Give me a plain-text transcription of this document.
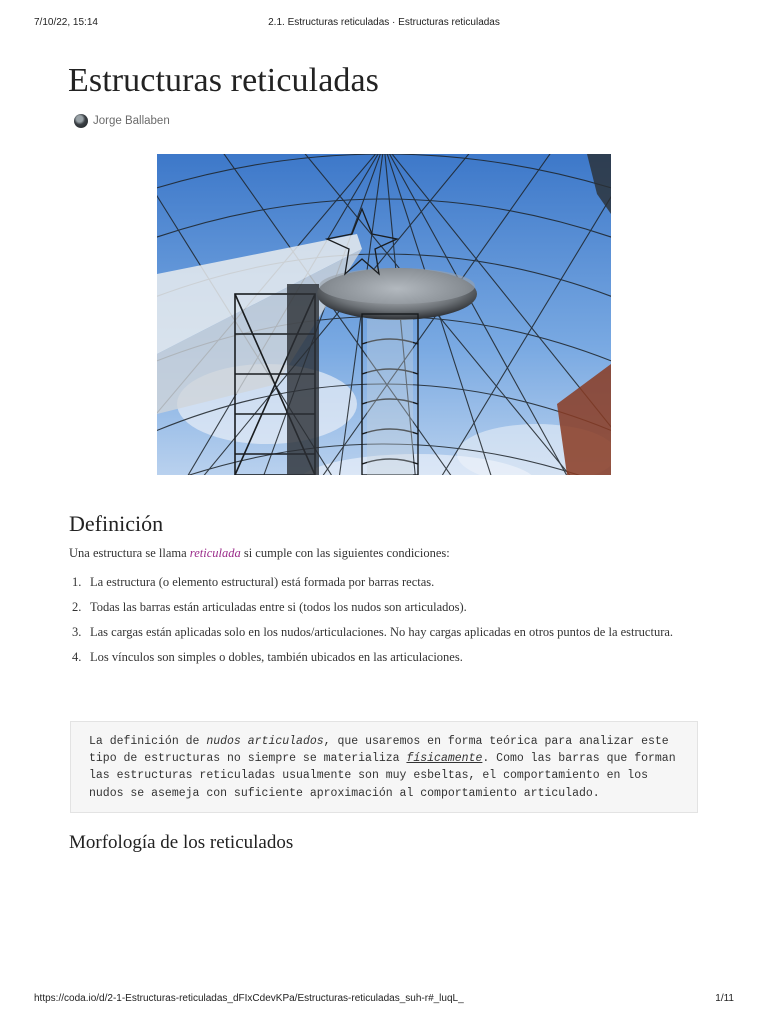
7/10/22, 15:14	2.1. Estructuras reticuladas · Estructuras reticuladas
Estructuras reticuladas
Jorge Ballaben
Definición

Una estructura se llama reticulada si cumple con las siguientes condiciones:

1. La estructura (o elemento estructural) está formada por barras rectas.
2. Todas las barras están articuladas entre si (todos los nudos son articulados).
3. Las cargas están aplicadas solo en los nudos/articulaciones. No hay cargas aplicadas en otros puntos de la estructura.
4. Los vínculos son simples o dobles, también ubicados en las articulaciones.
La definición de nudos articulados, que usaremos en forma teórica para analizar este tipo de estructuras no siempre se materializa físicamente. Como las barras que forman las estructuras reticuladas usualmente son muy esbeltas, el comportamiento en los nudos se asemeja con suficiente aproximación al comportamiento articulado.
Morfología de los reticulados
https://coda.io/d/2-1-Estructuras-reticuladas_dFIxCdevKPa/Estructuras-reticuladas_suh-r#_luqL_	1/11
